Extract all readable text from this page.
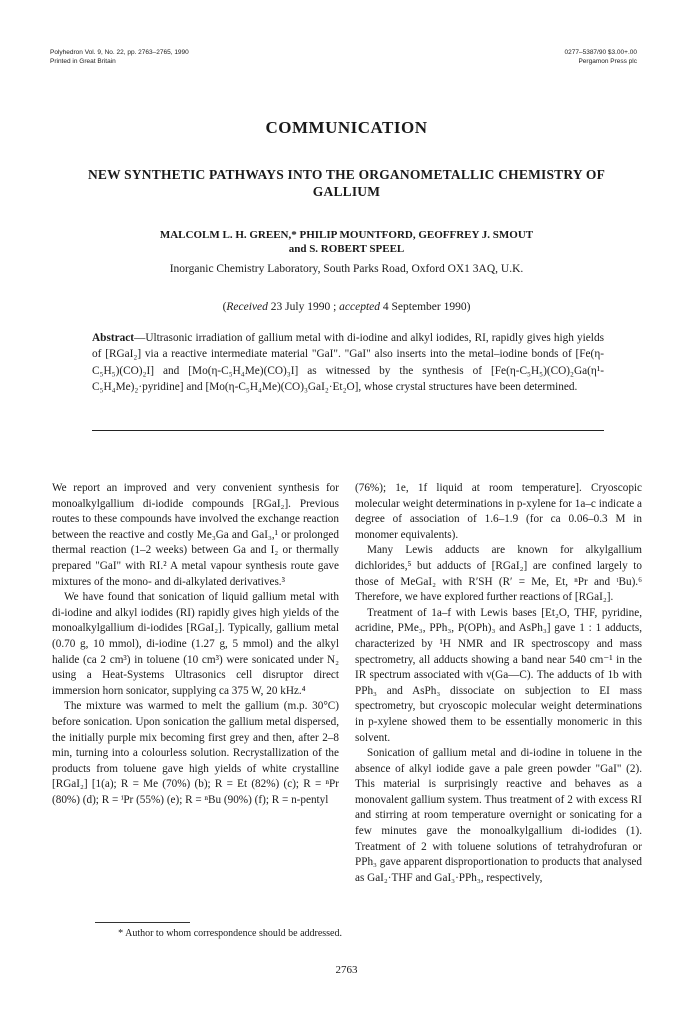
Polyhedron Vol. 9, No. 22, pp. 2763–2765, 1990
Printed in Great Britain
0277–5387/90 $3.00+.00
Pergamon Press plc
COMMUNICATION
NEW SYNTHETIC PATHWAYS INTO THE ORGANOMETALLIC CHEMISTRY OF GALLIUM
MALCOLM L. H. GREEN,* PHILIP MOUNTFORD, GEOFFREY J. SMOUT
and S. ROBERT SPEEL
Inorganic Chemistry Laboratory, South Parks Road, Oxford OX1 3AQ, U.K.
(Received 23 July 1990 ; accepted 4 September 1990)
Abstract—Ultrasonic irradiation of gallium metal with di-iodine and alkyl iodides, RI, rapidly gives high yields of [RGaI₂] via a reactive intermediate material "GaI". "GaI" also inserts into the metal–iodine bonds of [Fe(η-C₅H₅)(CO)₂I] and [Mo(η-C₅H₄Me)(CO)₃I] as witnessed by the synthesis of [Fe(η-C₅H₅)(CO)₂Ga(η¹-C₅H₄Me)₂·pyridine] and [Mo(η-C₅H₄Me)(CO)₃GaI₂·Et₂O], whose crystal structures have been determined.

We report an improved and very convenient synthesis for monoalkylgallium di-iodide compounds [RGaI₂]. Previous routes to these compounds have involved the exchange reaction between the reactive and costly Me₃Ga and GaI₃,¹ or prolonged thermal reaction (1–2 weeks) between Ga and I₂ or thermally prepared "GaI" with RI.² A metal vapour synthesis route gave mixtures of the mono- and di-alkylated derivatives.³

We have found that sonication of liquid gallium metal with di-iodine and alkyl iodides (RI) rapidly gives high yields of the monoalkylgallium di-iodides [RGaI₂]. Typically, gallium metal (0.70 g, 10 mmol), di-iodine (1.27 g, 5 mmol) and the alkyl halide (ca 2 cm³) in toluene (10 cm³) were sonicated under N₂ using a Heat-Systems Ultrasonics cell disruptor direct immersion horn sonicator, supplying ca 375 W, 20 kHz.⁴

The mixture was warmed to melt the gallium (m.p. 30°C) before sonication. Upon sonication the gallium metal dispersed, the initially purple mix becoming first grey and then, after 2–8 min, turning into a colourless solution. Recrystallization of the products from toluene gave high yields of white crystalline [RGaI₂] [1(a); R = Me (70%) (b); R = Et (82%) (c); R = ⁿPr (80%) (d); R = ⁱPr (55%) (e); R = ⁿBu (90%) (f); R = n-pentyl

(76%); 1e, 1f liquid at room temperature]. Cryoscopic molecular weight determinations in p-xylene for 1a–c indicate a degree of association of 1.6–1.9 (for ca 0.06–0.3 M in monomer equivalents).

Many Lewis adducts are known for alkylgallium dichlorides,⁵ but adducts of [RGaI₂] are confined largely to those of MeGaI₂ with R′SH (R′ = Me, Et, ⁿPr and ᵗBu).⁶ Therefore, we have explored further reactions of [RGaI₂].

Treatment of 1a–f with Lewis bases [Et₂O, THF, pyridine, acridine, PMe₃, PPh₃, P(OPh)₃ and AsPh₃] gave 1 : 1 adducts, characterized by ¹H NMR and IR spectroscopy and mass spectrometry, all adducts showing a band near 540 cm⁻¹ in the IR spectrum associated with ν(Ga—C). The adducts of 1b with PPh₃ and AsPh₃ dissociate on subjection to EI mass spectrometry, but cryoscopic molecular weight determinations in p-xylene showed them to be essentially monomeric in this solvent.

Sonication of gallium metal and di-iodine in toluene in the absence of alkyl iodide gave a pale green powder "GaI" (2). This material is surprisingly reactive and behaves as a monovalent gallium system. Thus treatment of 2 with excess RI and stirring at room temperature overnight or sonicating for a few minutes gave the monoalkylgallium di-iodides (1). Treatment of 2 with toluene solutions of tetrahydrofuran or PPh₃ gave apparent disproportionation to products that analysed as GaI₂·THF and GaI₃·PPh₃, respectively,

* Author to whom correspondence should be addressed.
2763
